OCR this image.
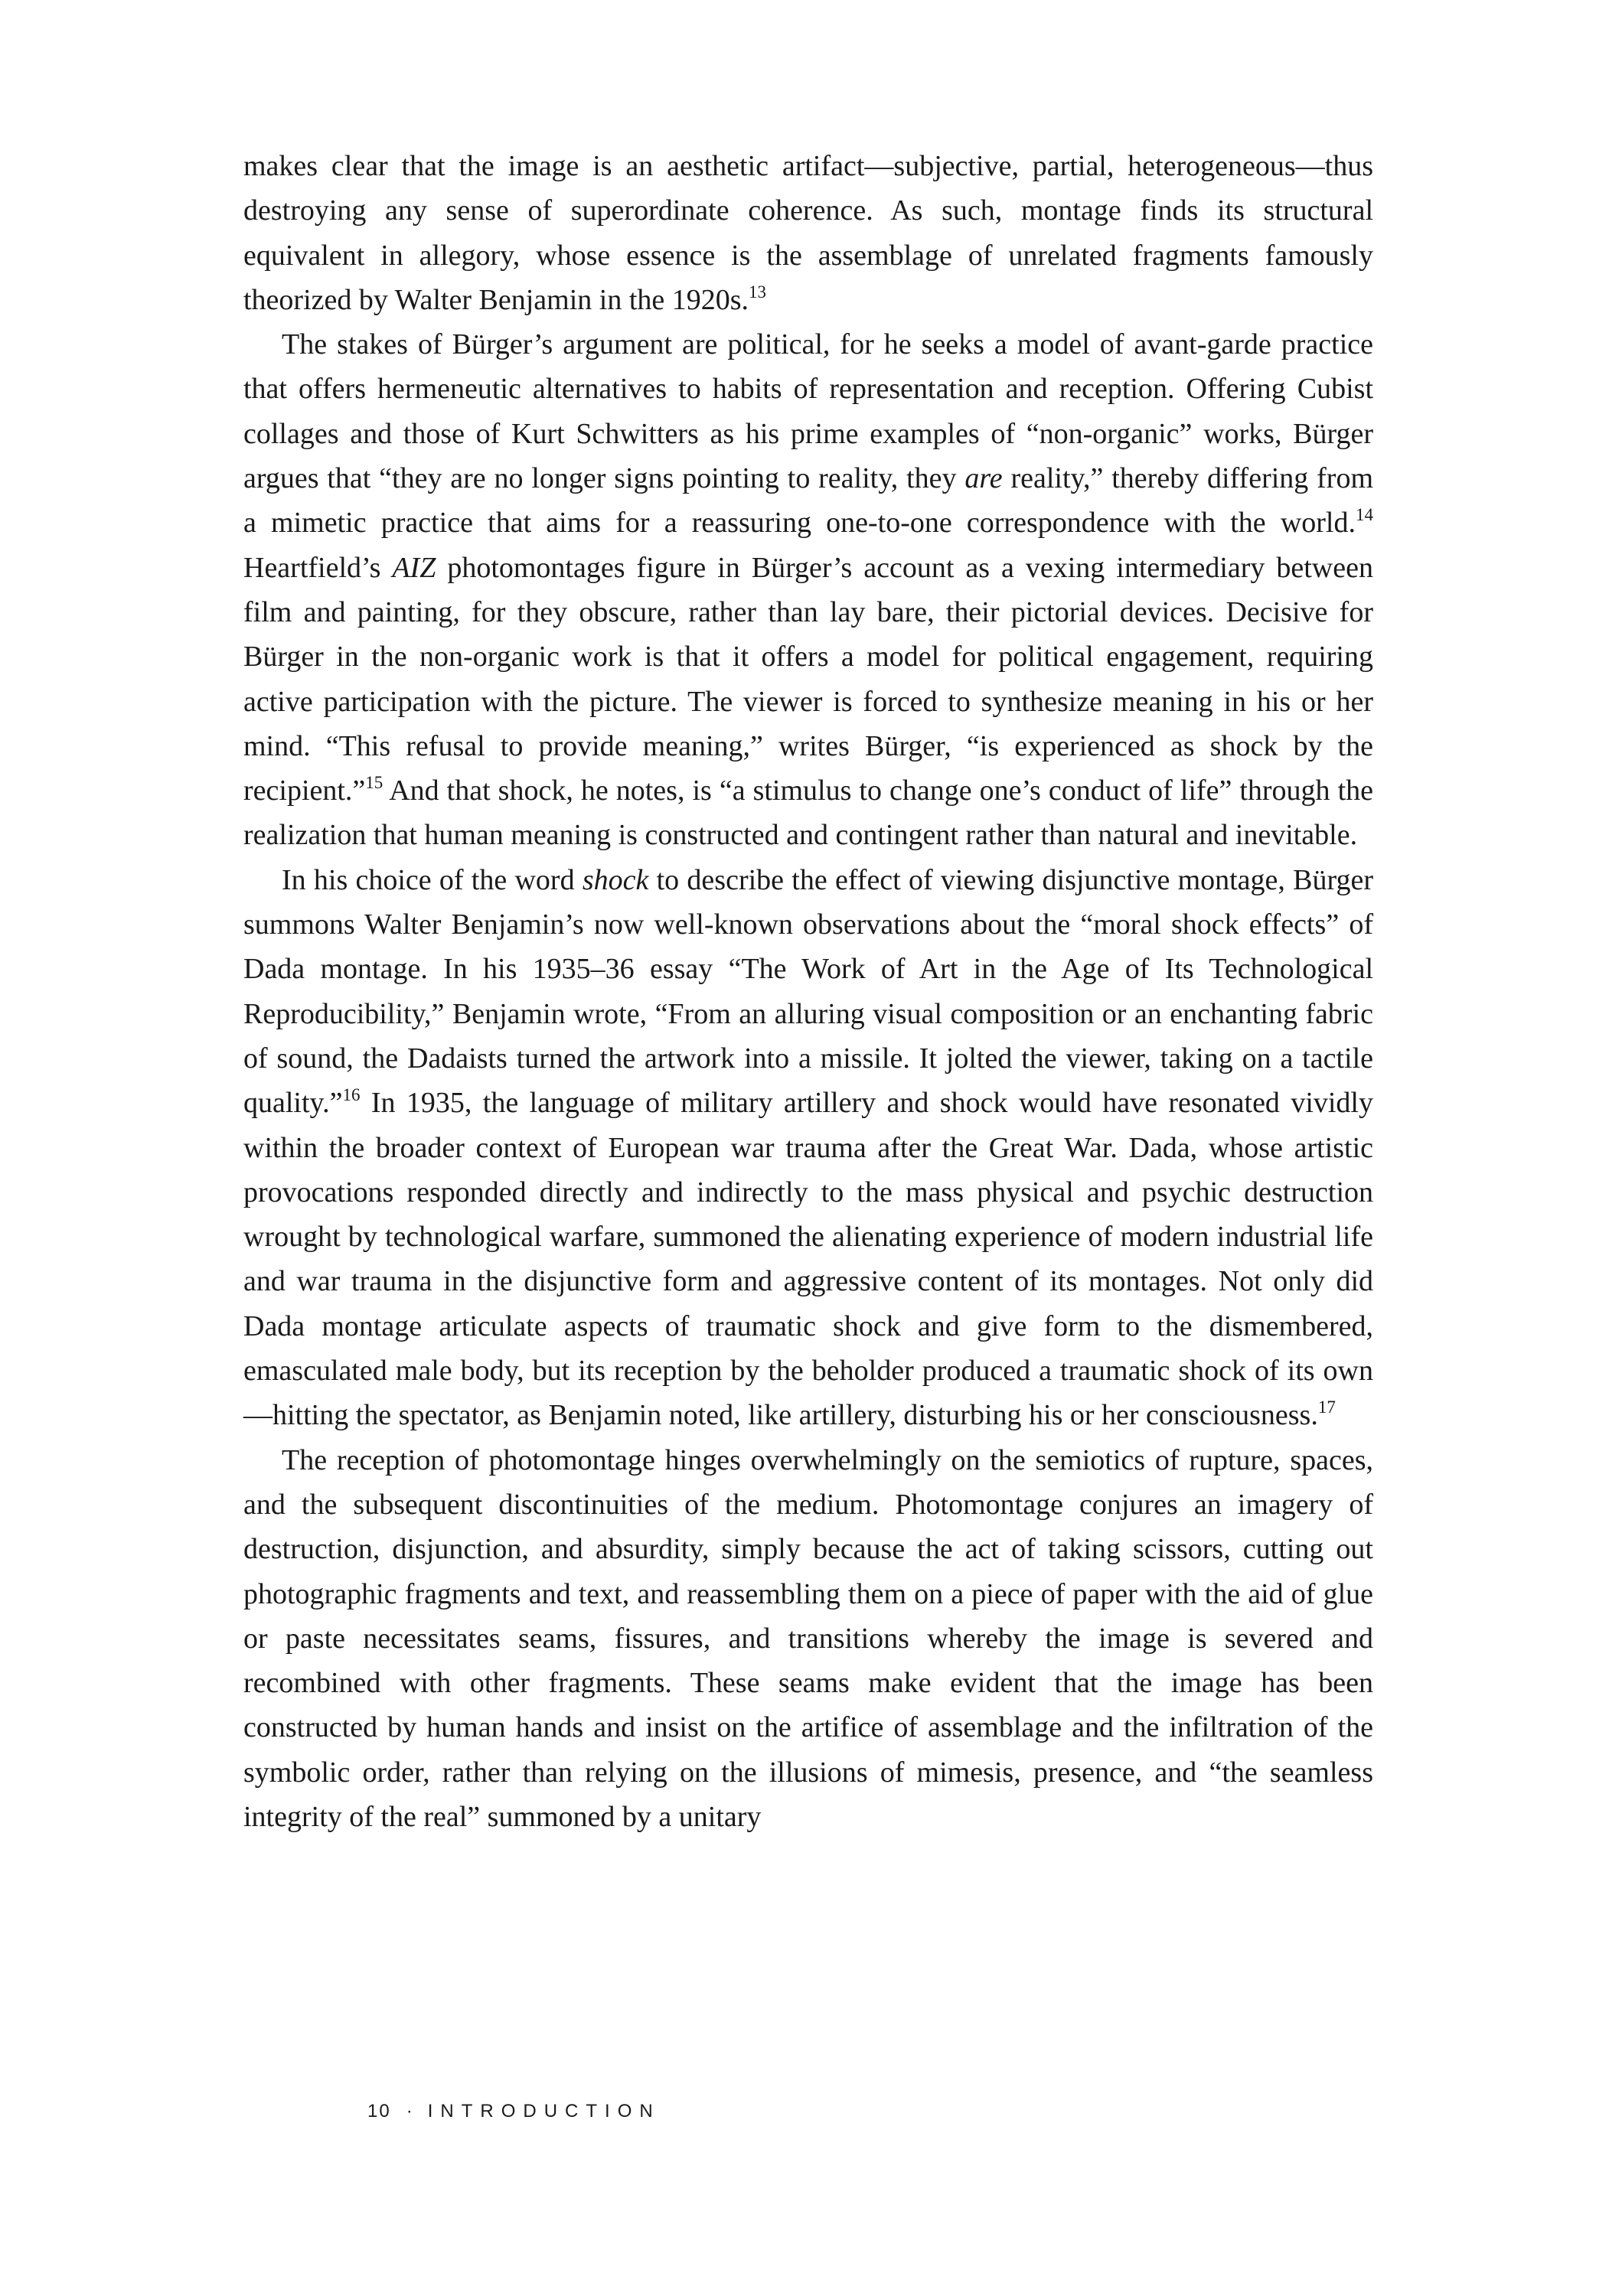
makes clear that the image is an aesthetic artifact—subjective, partial, heterogeneous—thus destroying any sense of superordinate coherence. As such, montage finds its structural equivalent in allegory, whose essence is the assemblage of unrelated fragments famously theorized by Walter Benjamin in the 1920s.$^{13}$

The stakes of Bürger’s argument are political, for he seeks a model of avant-garde practice that offers hermeneutic alternatives to habits of representation and reception. Offering Cubist collages and those of Kurt Schwitters as his prime examples of “non-organic” works, Bürger argues that “they are no longer signs pointing to reality, they are reality,” thereby differing from a mimetic practice that aims for a reassuring one-to-one correspondence with the world.$^{14}$ Heartfield’s AIZ photomontages figure in Bürger’s account as a vexing intermediary between film and painting, for they obscure, rather than lay bare, their pictorial devices. Decisive for Bürger in the non-organic work is that it offers a model for political engagement, requiring active participation with the picture. The viewer is forced to synthesize meaning in his or her mind. “This refusal to provide meaning,” writes Bürger, “is experienced as shock by the recipient.”$^{15}$ And that shock, he notes, is “a stimulus to change one’s conduct of life” through the realization that human meaning is constructed and contingent rather than natural and inevitable.

In his choice of the word shock to describe the effect of viewing disjunctive montage, Bürger summons Walter Benjamin’s now well-known observations about the “moral shock effects” of Dada montage. In his 1935–36 essay “The Work of Art in the Age of Its Technological Reproducibility,” Benjamin wrote, “From an alluring visual composition or an enchanting fabric of sound, the Dadaists turned the artwork into a missile. It jolted the viewer, taking on a tactile quality.”$^{16}$ In 1935, the language of military artillery and shock would have resonated vividly within the broader context of European war trauma after the Great War. Dada, whose artistic provocations responded directly and indirectly to the mass physical and psychic destruction wrought by technological warfare, summoned the alienating experience of modern industrial life and war trauma in the disjunctive form and aggressive content of its montages. Not only did Dada montage articulate aspects of traumatic shock and give form to the dismembered, emasculated male body, but its reception by the beholder produced a traumatic shock of its own—hitting the spectator, as Benjamin noted, like artillery, disturbing his or her consciousness.$^{17}$

The reception of photomontage hinges overwhelmingly on the semiotics of rupture, spaces, and the subsequent discontinuities of the medium. Photomontage conjures an imagery of destruction, disjunction, and absurdity, simply because the act of taking scissors, cutting out photographic fragments and text, and reassembling them on a piece of paper with the aid of glue or paste necessitates seams, fissures, and transitions whereby the image is severed and recombined with other fragments. These seams make evident that the image has been constructed by human hands and insist on the artifice of assemblage and the infiltration of the symbolic order, rather than relying on the illusions of mimesis, presence, and “the seamless integrity of the real” summoned by a unitary

10 · INTRODUCTION
